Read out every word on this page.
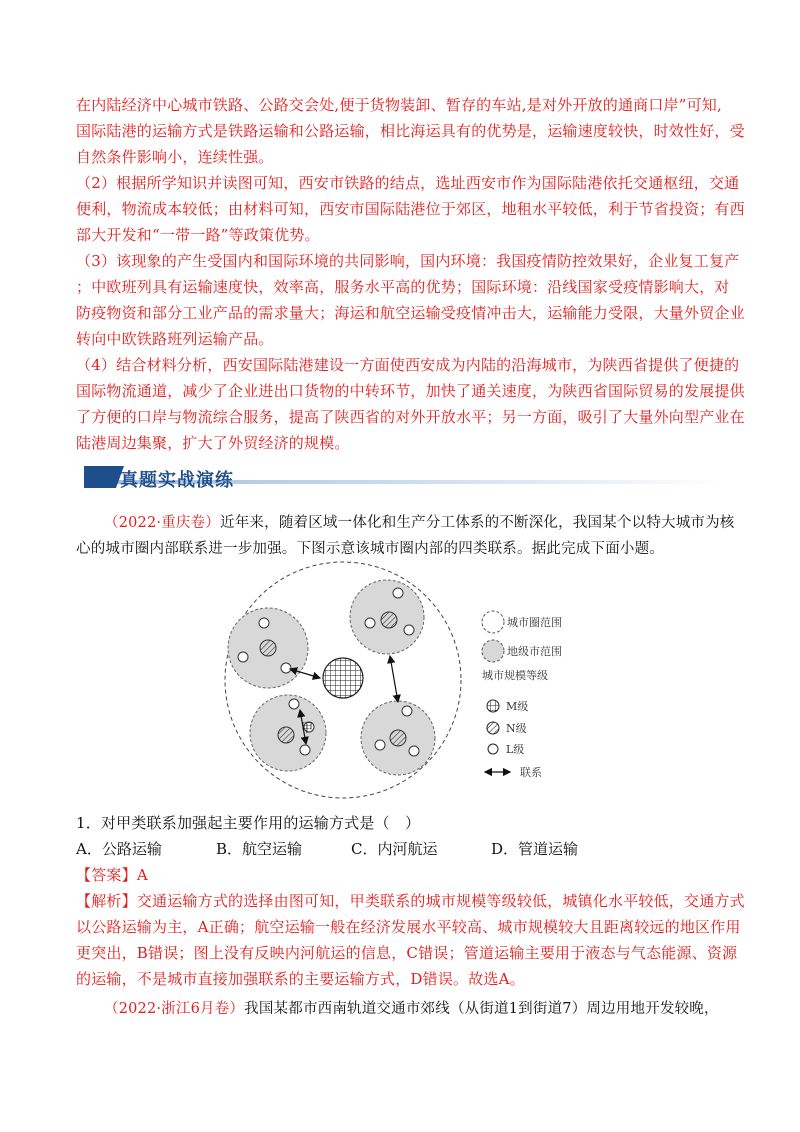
在内陆经济中心城市铁路、公路交会处,便于货物装卸、暂存的车站,是对外开放的通商口岸”可知,
国际陆港的运输方式是铁路运输和公路运输，相比海运具有的优势是，运输速度较快，时效性好，受
自然条件影响小，连续性强。
（2）根据所学知识并读图可知，西安市铁路的结点，选址西安市作为国际陆港依托交通枢纽，交通
便利，物流成本较低；由材料可知，西安市国际陆港位于郊区，地租水平较低，利于节省投资；有西
部大开发和“一带一路”等政策优势。
（3）该现象的产生受国内和国际环境的共同影响，国内环境：我国疫情防控效果好，企业复工复产
；中欧班列具有运输速度快，效率高，服务水平高的优势；国际环境：沿线国家受疫情影响大，对
防疫物资和部分工业产品的需求量大；海运和航空运输受疫情冲击大，运输能力受限，大量外贸企业
转向中欧铁路班列运输产品。
（4）结合材料分析，西安国际陆港建设一方面使西安成为内陆的沿海城市，为陕西省提供了便捷的
国际物流通道，减少了企业进出口货物的中转环节，加快了通关速度，为陕西省国际贸易的发展提供
了方便的口岸与物流综合服务，提高了陕西省的对外开放水平；另一方面，吸引了大量外向型产业在
陆港周边集聚，扩大了外贸经济的规模。
真题实战演练
（2022·重庆卷）近年来，随着区域一体化和生产分工体系的不断深化，我国某个以特大城市为核
心的城市圈内部联系进一步加强。下图示意该城市圈内部的四类联系。据此完成下面小题。
甲
城市圈范围
地级市范围
城市规模等级
M级
N级
L级
联系
1．对甲类联系加强起主要作用的运输方式是（　）
A．公路运输	B．航空运输	C．内河航运	D．管道运输
【答案】A
【解析】交通运输方式的选择由图可知，甲类联系的城市规模等级较低，城镇化水平较低，交通方式
以公路运输为主，A正确；航空运输一般在经济发展水平较高、城市规模较大且距离较远的地区作用
更突出，B错误；图上没有反映内河航运的信息，C错误；管道运输主要用于液态与气态能源、资源
的运输，不是城市直接加强联系的主要运输方式，D错误。故选A。
（2022·浙江6月卷）我国某都市西南轨道交通市郊线（从街道1到街道7）周边用地开发较晚，
